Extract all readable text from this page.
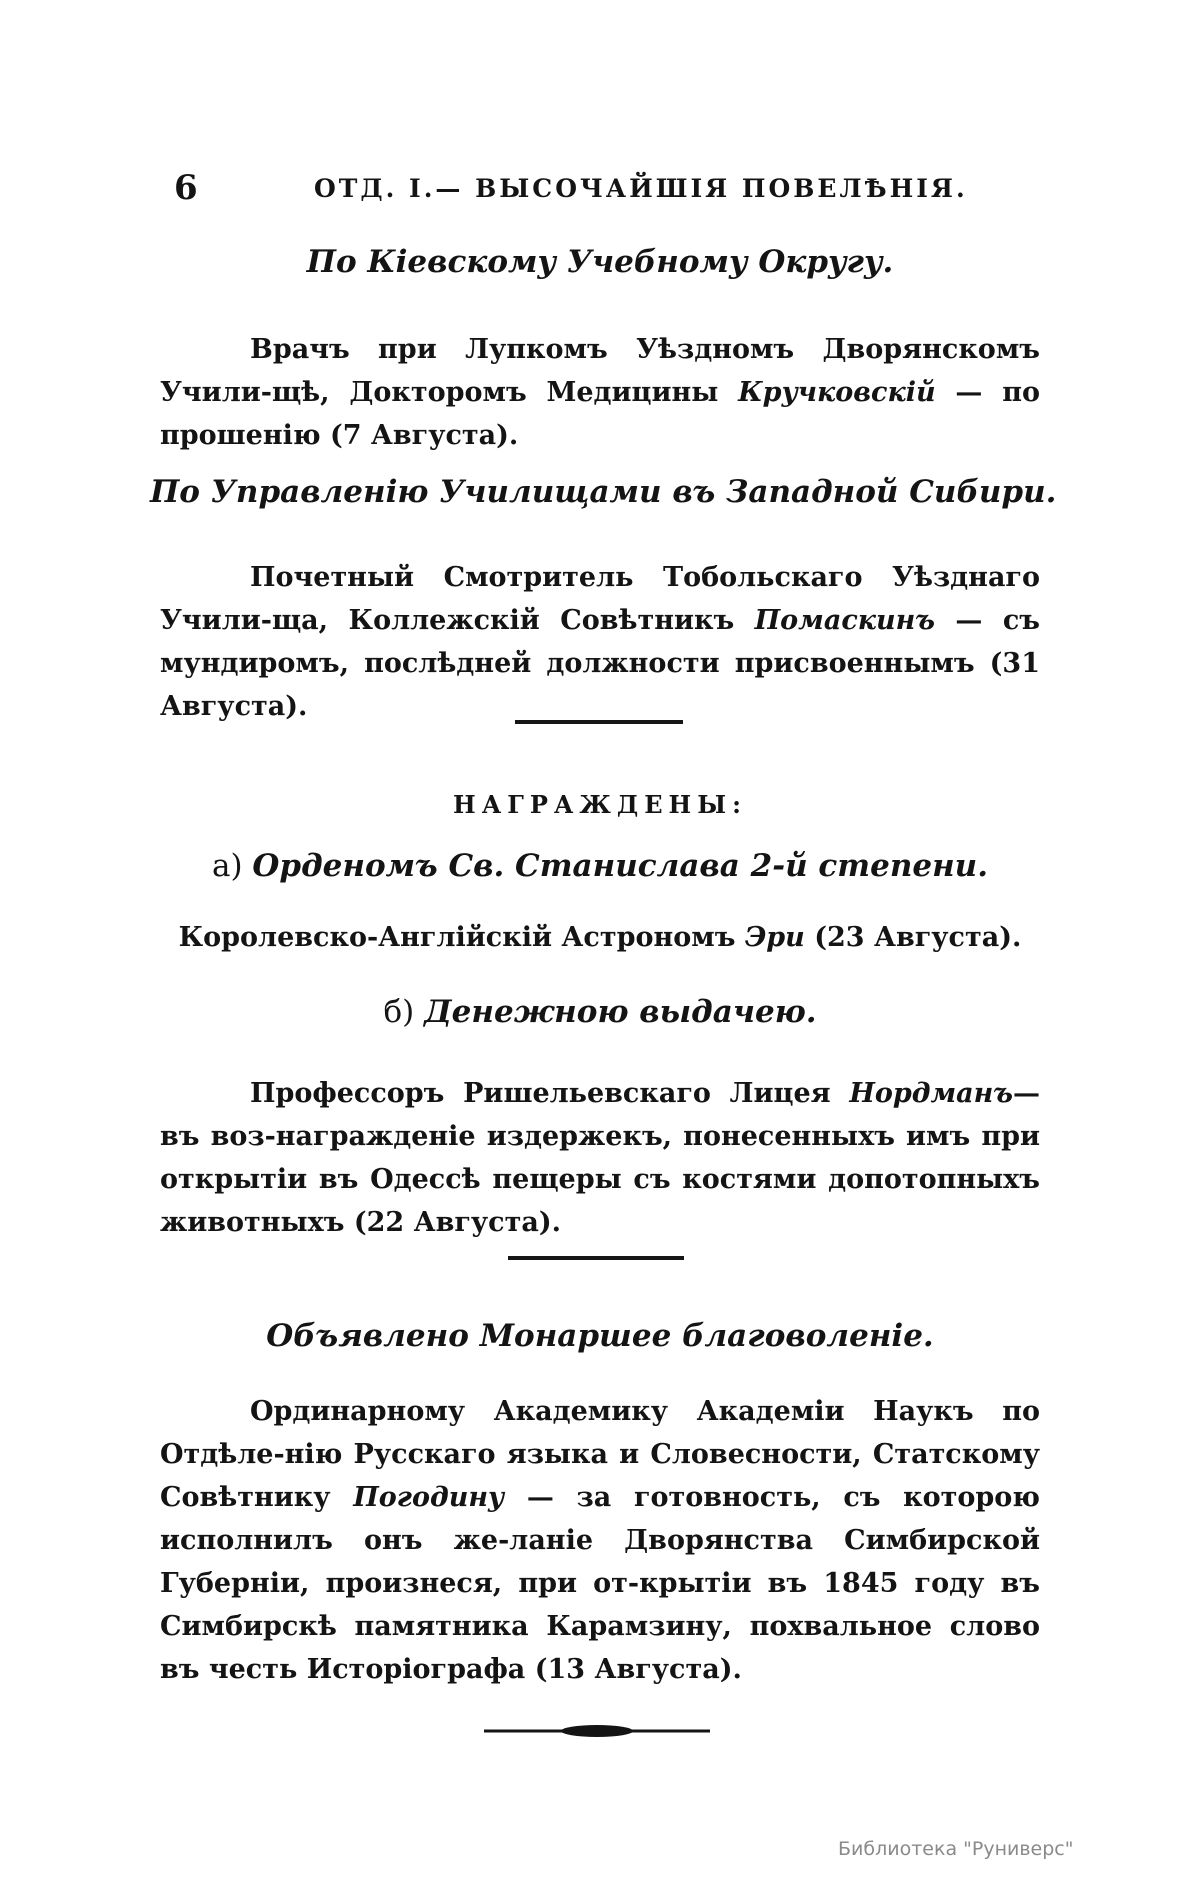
6	ОТД. I.— ВЫСОЧАЙШІЯ ПОВЕЛѢНІЯ.
По Кіевскому Учебному Округу.

Врачъ при Лупкомъ Уѣздномъ Дворянскомъ Учили-щѣ, Докторомъ Медицины Кручковскій — по прошенію (7 Августа).

По Управленію Училищами въ Западной Сибири.

Почетный Смотритель Тобольскаго Уѣзднаго Учили-ща, Коллежскій Совѣтникъ Помаскинъ — съ мундиромъ, послѣдней должности присвоеннымъ (31 Августа).

НАГРАЖДЕНЫ:
а) Орденомъ Св. Станислава 2-й степени.
Королевско-Англійскій Астрономъ Эри (23 Августа).
б) Денежною выдачею.

Профессоръ Ришельевскаго Лицея Нордманъ— въ воз-награжденіе издержекъ, понесенныхъ имъ при открытіи въ Одессѣ пещеры съ костями допотопныхъ животныхъ (22 Августа).

Объявлено Монаршее благоволеніе.

Ординарному Академику Академіи Наукъ по Отдѣле-нію Русскаго языка и Словесности, Статскому Совѣтнику Погодину — за готовность, съ которою исполнилъ онъ же-ланіе Дворянства Симбирской Губерніи, произнеся, при от-крытіи въ 1845 году въ Симбирскѣ памятника Карамзину, похвальное слово въ честь Исторіографа (13 Августа).

Библиотека "Руниверс"
